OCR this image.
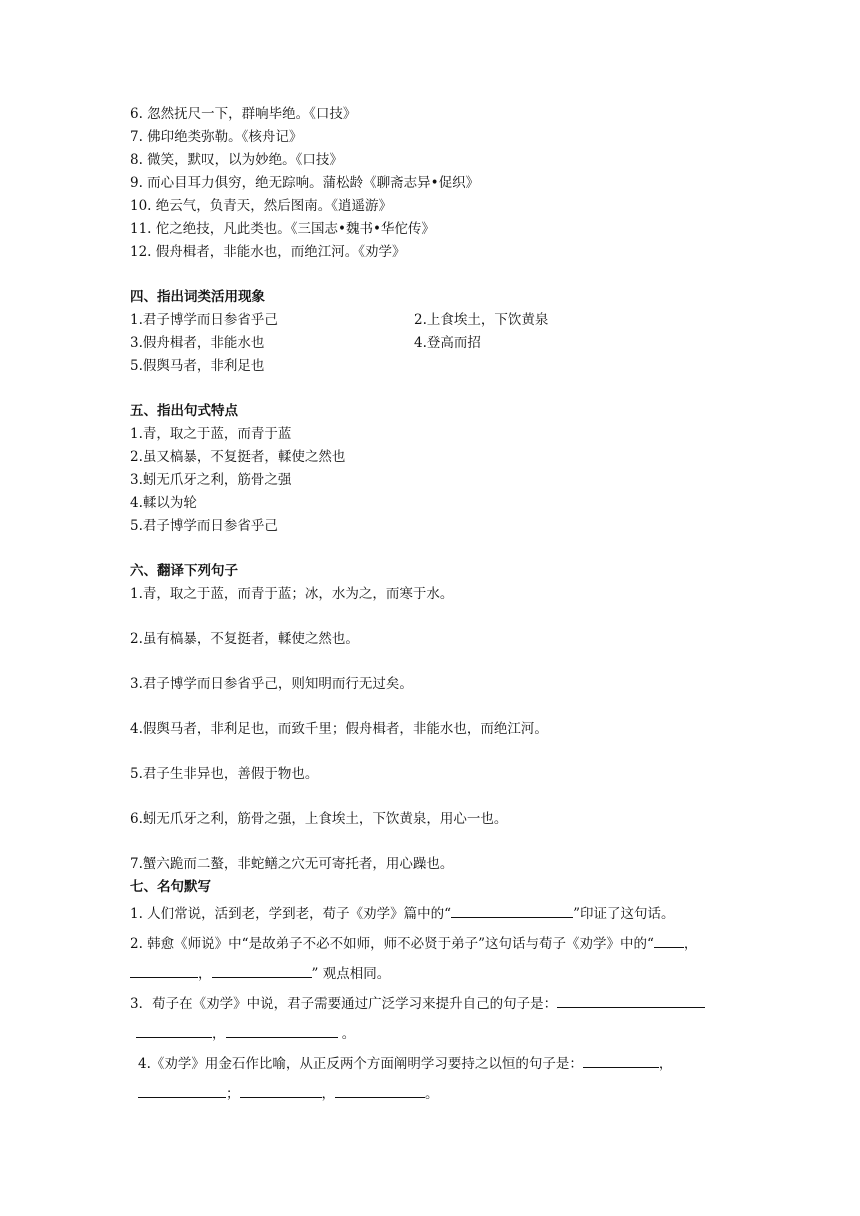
6. 忽然抚尺一下，群响毕绝。《口技》
7. 佛印绝类弥勒。《核舟记》
8. 微笑，默叹，以为妙绝。《口技》
9. 而心目耳力俱穷，绝无踪响。蒲松龄《聊斋志异•促织》
10. 绝云气，负青天，然后图南。《逍遥游》
11. 佗之绝技，凡此类也。《三国志•魏书•华佗传》
12. 假舟楫者，非能水也，而绝江河。《劝学》
四、指出词类活用现象
1.君子博学而日参省乎己	2.上食埃土，下饮黄泉
3.假舟楫者，非能水也	4.登高而招
5.假舆马者，非利足也
五、指出句式特点
1.青，取之于蓝，而青于蓝
2.虽又槁暴，不复挺者，輮使之然也
3.蚓无爪牙之利，筋骨之强
4.輮以为轮
5.君子博学而日参省乎己
六、翻译下列句子
1.青，取之于蓝，而青于蓝；冰，水为之，而寒于水。
2.虽有槁暴，不复挺者，輮使之然也。
3.君子博学而日参省乎己，则知明而行无过矣。
4.假舆马者，非利足也，而致千里；假舟楫者，非能水也，而绝江河。
5.君子生非异也，善假于物也。
6.蚓无爪牙之利，筋骨之强，上食埃土，下饮黄泉，用心一也。
7.蟹六跪而二螯，非蛇鳝之穴无可寄托者，用心躁也。
七、名句默写
1. 人们常说，活到老，学到老，荀子《劝学》篇中的“	”印证了这句话。
2. 韩愈《师说》中“是故弟子不必不如师，师不必贤于弟子”这句话与荀子《劝学》中的“ ，
，	” 观点相同。
3．荀子在《劝学》中说，君子需要通过广泛学习来提升自己的句子是：
，	。
4.《劝学》用金石作比喻，从正反两个方面阐明学习要持之以恒的句子是：	，
；	，	。
